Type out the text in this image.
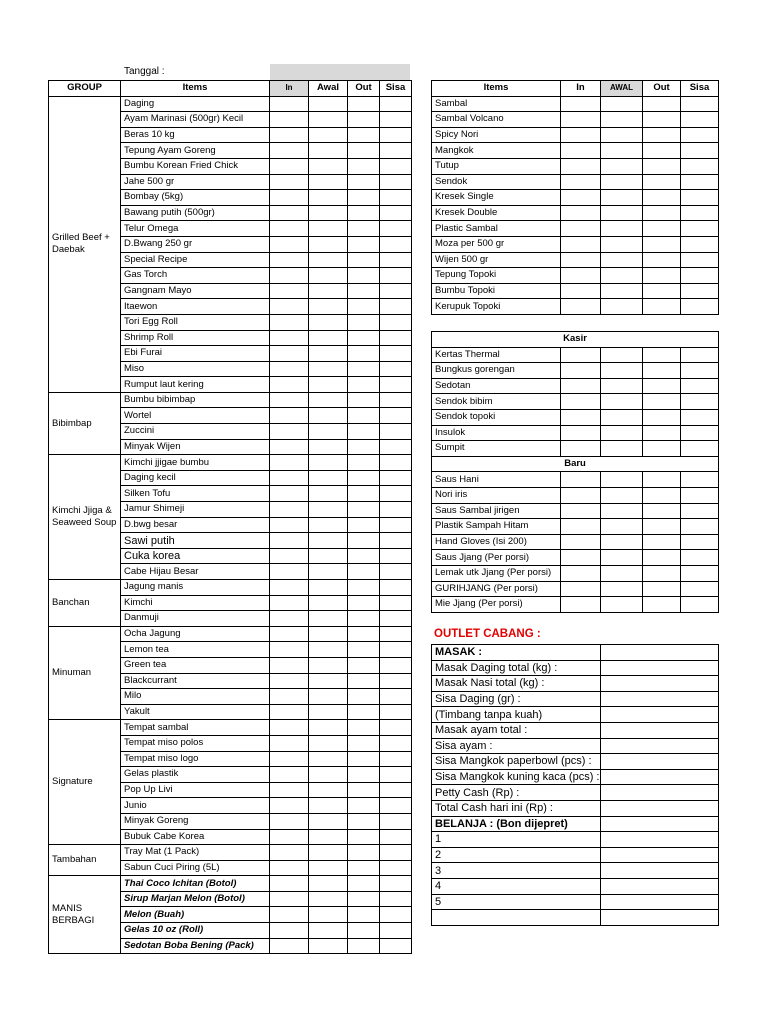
Tanggal :
GROUP	Items	In	Awal	Out	Sisa
Grilled Beef + Daebak	Daging				
	Ayam Marinasi (500gr) Kecil				
	Beras 10 kg				
	Tepung Ayam Goreng				
	Bumbu Korean Fried Chick				
	Jahe 500 gr				
	Bombay (5kg)				
	Bawang putih (500gr)				
	Telur Omega				
	D.Bwang 250 gr				
	Special Recipe				
	Gas Torch				
	Gangnam Mayo				
	Itaewon				
	Tori Egg Roll				
	Shrimp Roll				
	Ebi Furai				
	Miso				
	Rumput laut kering				
Bibimbap	Bumbu bibimbap				
	Wortel				
	Zuccini				
	Minyak Wijen				
Kimchi Jjiga & Seaweed Soup	Kimchi jjigae bumbu				
	Daging kecil				
	Silken Tofu				
	Jamur Shimeji				
	D.bwg besar				
	Sawi putih				
	Cuka korea				
	Cabe Hijau Besar				
Banchan	Jagung manis				
	Kimchi				
	Danmuji				
Minuman	Ocha Jagung				
	Lemon tea				
	Green tea				
	Blackcurrant				
	Milo				
	Yakult				
Signature	Tempat sambal				
	Tempat miso polos				
	Tempat miso logo				
	Gelas plastik				
	Pop Up Livi				
	Junio				
	Minyak Goreng				
	Bubuk Cabe Korea				
Tambahan	Tray Mat (1 Pack)				
	Sabun Cuci Piring (5L)				
MANIS BERBAGI	Thai Coco Ichitan (Botol)				
	Sirup Marjan Melon (Botol)				
	Melon (Buah)				
	Gelas 10 oz (Roll)				
	Sedotan Boba Bening (Pack)				
Items	In	AWAL	Out	Sisa
Sambal				
Sambal Volcano				
Spicy Nori				
Mangkok				
Tutup				
Sendok				
Kresek Single				
Kresek Double				
Plastic Sambal				
Moza per 500 gr				
Wijen 500 gr				
Tepung Topoki				
Bumbu Topoki				
Kerupuk Topoki				
Kasir				
Kertas Thermal				
Bungkus gorengan				
Sedotan				
Sendok bibim				
Sendok topoki				
Insulok				
Sumpit				
Baru				
Saus Hani				
Nori iris				
Saus Sambal jirigen				
Plastik Sampah Hitam				
Hand Gloves (Isi 200)				
Saus Jjang (Per porsi)				
Lemak utk Jjang (Per porsi)				
GURIHJANG (Per porsi)				
Mie Jjang (Per porsi)				
OUTLET CABANG :
MASAK :	
Masak Daging total (kg) :	
Masak Nasi total (kg) :	
Sisa Daging (gr) :	
(Timbang tanpa kuah)	
Masak ayam total :	
Sisa ayam :	
Sisa Mangkok paperbowl (pcs) :	
Sisa Mangkok kuning kaca (pcs) :	
Petty Cash (Rp) :	
Total Cash hari ini (Rp) :	
BELANJA : (Bon dijepret)	
1	
2	
3	
4	
5	
